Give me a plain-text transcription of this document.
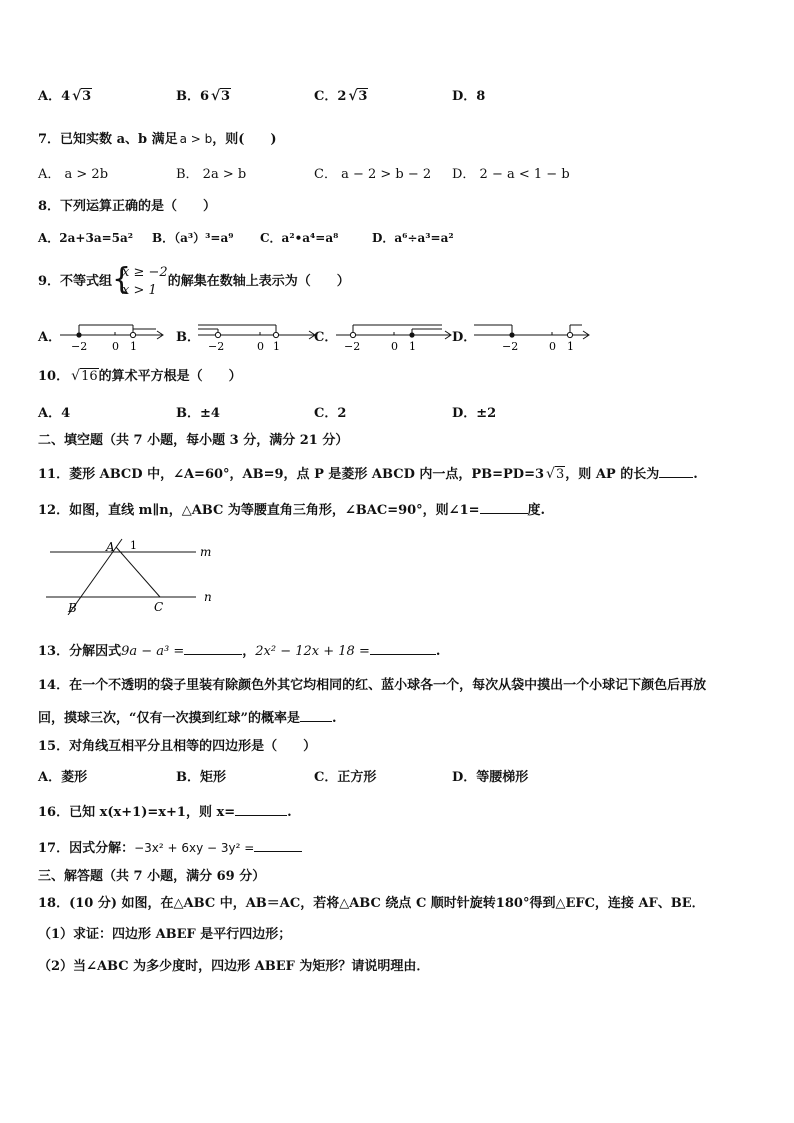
A．4 √ 3	B．6 √ 3	C．2 √ 3	D．8
7．已知实数 a、b 满足 a > b，则(　　)
A． a > 2b	B． 2a > b	C． a − 2 > b − 2 D． 2 − a < 1 − b
8．下列运算正确的是（　　）
A．2a+3a=5a² B．（a³）³=a⁹ C．a²•a⁴=a⁸	D．a⁶÷a³=a²
9．不等式组 {
x ≥ −2
x > 1
的解集在数轴上表示为（　　）
A．
−2 0 1
B．
−2	0 1
C．
−2	0 1
D．
−2	0 1
10． √ 16的算术平方根是（　　）
A．4	B．±4	C．2	D．±2
二、填空题（共 7 小题，每小题 3 分，满分 21 分）
11．菱形 ABCD 中，∠A=60°，AB=9，点 P 是菱形 ABCD 内一点，PB=PD=3 √ 3，则 AP 的长为	.
12．如图，直线 m∥n，△ABC 为等腰直角三角形，∠BAC=90°，则∠1=	度.
A 1	m
n
B	C
13．分解因式9a − a³ =	，2x² − 12x + 18 =	.
14．在一个不透明的袋子里装有除颜色外其它均相同的红、蓝小球各一个，每次从袋中摸出一个小球记下颜色后再放
回，摸球三次，“仅有一次摸到红球”的概率是 .
15．对角线互相平分且相等的四边形是（　　）
A．菱形	B．矩形	C．正方形	D．等腰梯形
16．已知 x(x+1)=x+1，则 x=	.
17．因式分解：−3x² + 6xy − 3y² =
三、解答题（共 7 小题，满分 69 分）
18．(10 分) 如图，在△ABC 中，AB＝AC，若将△ABC 绕点 C 顺时针旋转180°得到△EFC，连接 AF、BE．
（1）求证：四边形 ABEF 是平行四边形；
（2）当∠ABC 为多少度时，四边形 ABEF 为矩形？请说明理由．
